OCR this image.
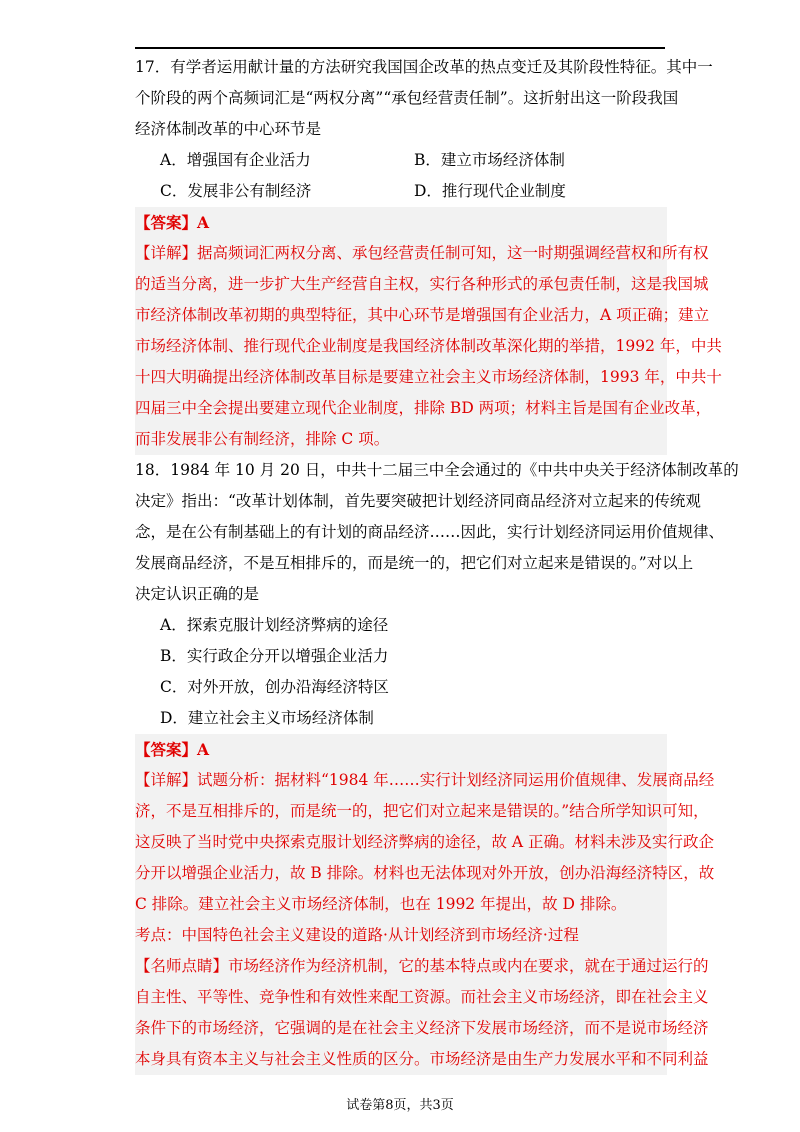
17．有学者运用献计量的方法研究我国国企改革的热点变迁及其阶段性特征。其中一
个阶段的两个高频词汇是“两权分离”“承包经营责任制”。这折射出这一阶段我国
经济体制改革的中心环节是
A．增强国有企业活力	B．建立市场经济体制
C．发展非公有制经济	D．推行现代企业制度
【答案】A
【详解】据高频词汇两权分离、承包经营责任制可知，这一时期强调经营权和所有权
的适当分离，进一步扩大生产经营自主权，实行各种形式的承包责任制，这是我国城
市经济体制改革初期的典型特征，其中心环节是增强国有企业活力，A 项正确；建立
市场经济体制、推行现代企业制度是我国经济体制改革深化期的举措，1992 年，中共
十四大明确提出经济体制改革目标是要建立社会主义市场经济体制，1993 年，中共十
四届三中全会提出要建立现代企业制度，排除 BD 两项；材料主旨是国有企业改革，
而非发展非公有制经济，排除 C 项。
18．1984 年 10 月 20 日，中共十二届三中全会通过的《中共中央关于经济体制改革的
决定》指出：“改革计划体制，首先要突破把计划经济同商品经济对立起来的传统观
念，是在公有制基础上的有计划的商品经济……因此，实行计划经济同运用价值规律、
发展商品经济，不是互相排斥的，而是统一的，把它们对立起来是错误的。”对以上
决定认识正确的是
A．探索克服计划经济弊病的途径
B．实行政企分开以增强企业活力
C．对外开放，创办沿海经济特区
D．建立社会主义市场经济体制
【答案】A
【详解】试题分析：据材料“1984 年……实行计划经济同运用价值规律、发展商品经
济，不是互相排斥的，而是统一的，把它们对立起来是错误的。”结合所学知识可知，
这反映了当时党中央探索克服计划经济弊病的途径，故 A 正确。材料未涉及实行政企
分开以增强企业活力，故 B 排除。材料也无法体现对外开放，创办沿海经济特区，故
C 排除。建立社会主义市场经济体制，也在 1992 年提出，故 D 排除。
考点：中国特色社会主义建设的道路·从计划经济到市场经济·过程
【名师点睛】市场经济作为经济机制，它的基本特点或内在要求，就在于通过运行的
自主性、平等性、竞争性和有效性来配工资源。而社会主义市场经济，即在社会主义
条件下的市场经济，它强调的是在社会主义经济下发展市场经济，而不是说市场经济
本身具有资本主义与社会主义性质的区分。市场经济是由生产力发展水平和不同利益
试卷第8页，共3页
